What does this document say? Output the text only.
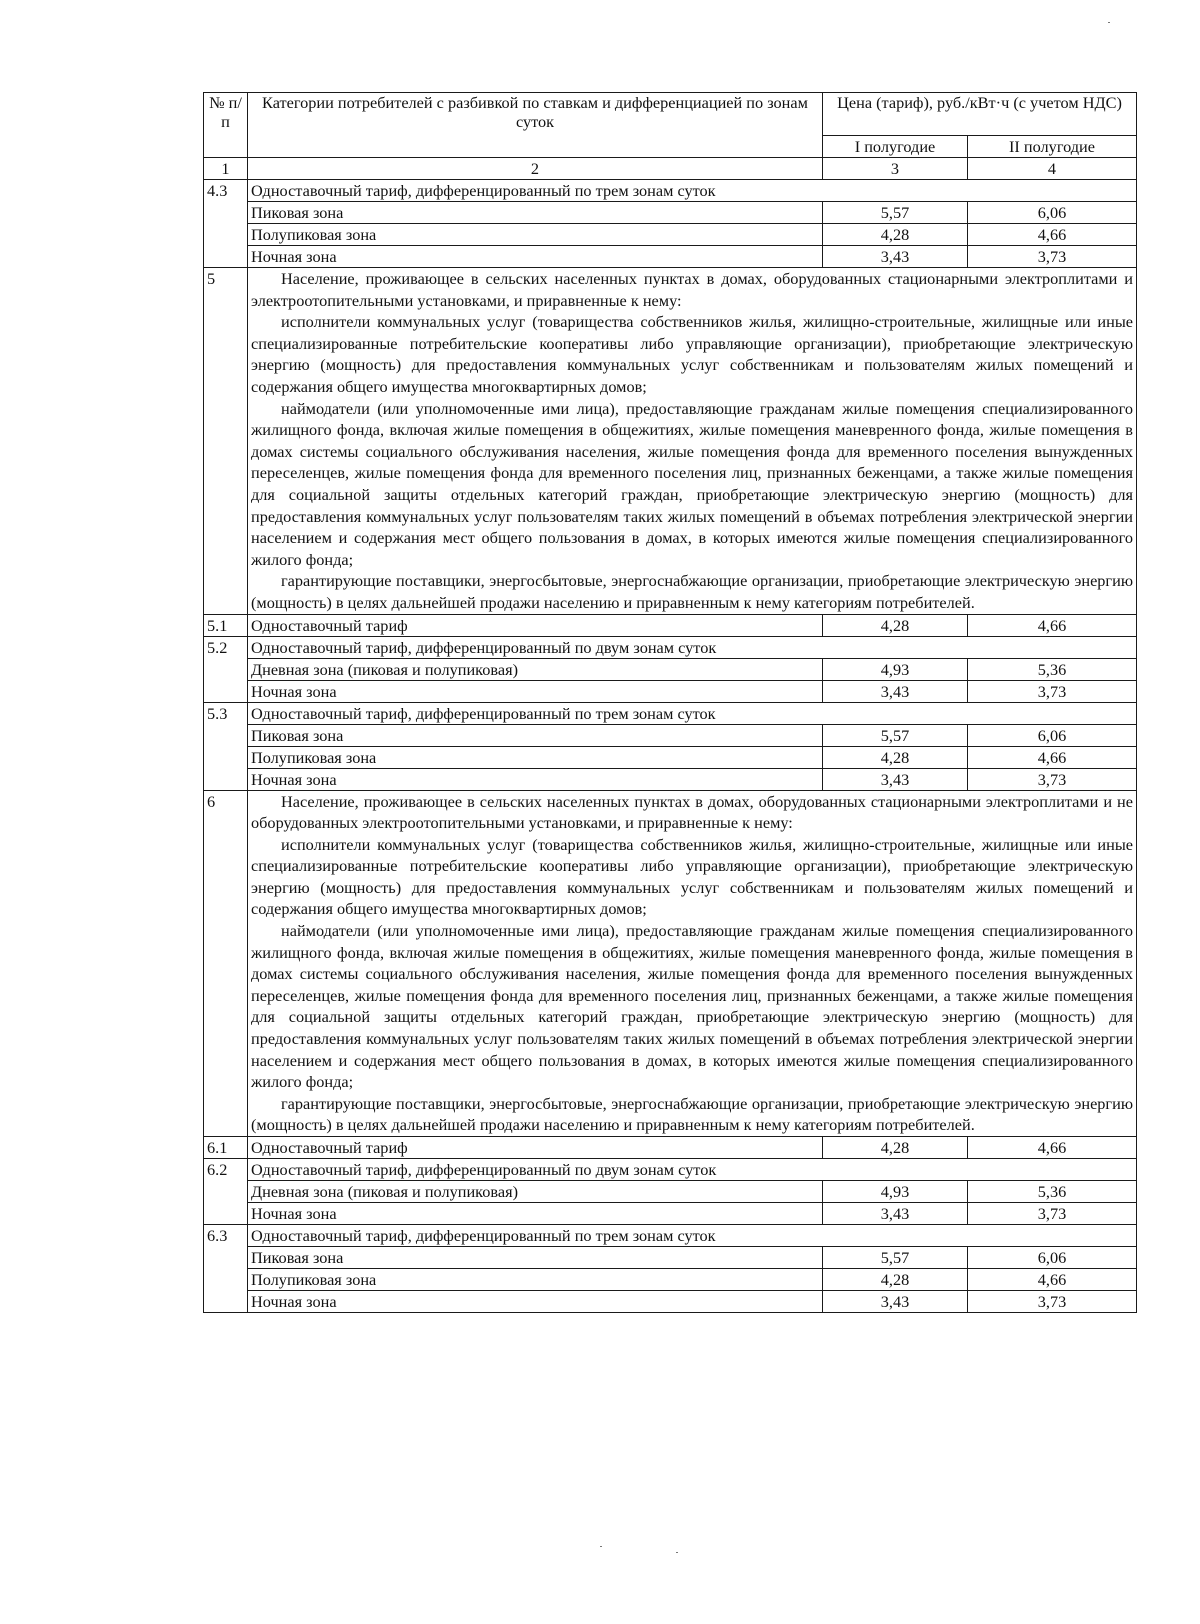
№ п/п	Категории потребителей с разбивкой по ставкам и дифференциацией по зонам суток	Цена (тариф), руб./кВт·ч (с учетом НДС)	
		I полугодие	II полугодие
1	2	3	4
4.3	Одноставочный тариф, дифференцированный по трем зонам суток		
	Пиковая зона	5,57	6,06
	Полупиковая зона	4,28	4,66
	Ночная зона	3,43	3,73
5	Население, проживающее в сельских населенных пунктах в домах, оборудованных стационарными электроплитами и электроотопительными установками, и приравненные к нему:

исполнители коммунальных услуг (товарищества собственников жилья, жилищно-строительные, жилищные или иные специализированные потребительские кооперативы либо управляющие организации), приобретающие электрическую энергию (мощность) для предоставления коммунальных услуг собственникам и пользователям жилых помещений и содержания общего имущества многоквартирных домов;

наймодатели (или уполномоченные ими лица), предоставляющие гражданам жилые помещения специализированного жилищного фонда, включая жилые помещения в общежитиях, жилые помещения маневренного фонда, жилые помещения в домах системы социального обслуживания населения, жилые помещения фонда для временного поселения вынужденных переселенцев, жилые помещения фонда для временного поселения лиц, признанных беженцами, а также жилые помещения для социальной защиты отдельных категорий граждан, приобретающие электрическую энергию (мощность) для предоставления коммунальных услуг пользователям таких жилых помещений в объемах потребления электрической энергии населением и содержания мест общего пользования в домах, в которых имеются жилые помещения специализированного жилого фонда;

гарантирующие поставщики, энергосбытовые, энергоснабжающие организации, приобретающие электрическую энергию (мощность) в целях дальнейшей продажи населению и приравненным к нему категориям потребителей.		

5.1	Одноставочный тариф	4,28	4,66
5.2	Одноставочный тариф, дифференцированный по двум зонам суток		
	Дневная зона (пиковая и полупиковая)	4,93	5,36
	Ночная зона	3,43	3,73
5.3	Одноставочный тариф, дифференцированный по трем зонам суток		
	Пиковая зона	5,57	6,06
	Полупиковая зона	4,28	4,66
	Ночная зона	3,43	3,73
6	Население, проживающее в сельских населенных пунктах в домах, оборудованных стационарными электроплитами и не оборудованных электроотопительными установками, и приравненные к нему:

исполнители коммунальных услуг (товарищества собственников жилья, жилищно-строительные, жилищные или иные специализированные потребительские кооперативы либо управляющие организации), приобретающие электрическую энергию (мощность) для предоставления коммунальных услуг собственникам и пользователям жилых помещений и содержания общего имущества многоквартирных домов;

наймодатели (или уполномоченные ими лица), предоставляющие гражданам жилые помещения специализированного жилищного фонда, включая жилые помещения в общежитиях, жилые помещения маневренного фонда, жилые помещения в домах системы социального обслуживания населения, жилые помещения фонда для временного поселения вынужденных переселенцев, жилые помещения фонда для временного поселения лиц, признанных беженцами, а также жилые помещения для социальной защиты отдельных категорий граждан, приобретающие электрическую энергию (мощность) для предоставления коммунальных услуг пользователям таких жилых помещений в объемах потребления электрической энергии населением и содержания мест общего пользования в домах, в которых имеются жилые помещения специализированного жилого фонда;

гарантирующие поставщики, энергосбытовые, энергоснабжающие организации, приобретающие электрическую энергию (мощность) в целях дальнейшей продажи населению и приравненным к нему категориям потребителей.		

6.1	Одноставочный тариф	4,28	4,66
6.2	Одноставочный тариф, дифференцированный по двум зонам суток		
	Дневная зона (пиковая и полупиковая)	4,93	5,36
	Ночная зона	3,43	3,73
6.3	Одноставочный тариф, дифференцированный по трем зонам суток		
	Пиковая зона	5,57	6,06
	Полупиковая зона	4,28	4,66
	Ночная зона	3,43	3,73
